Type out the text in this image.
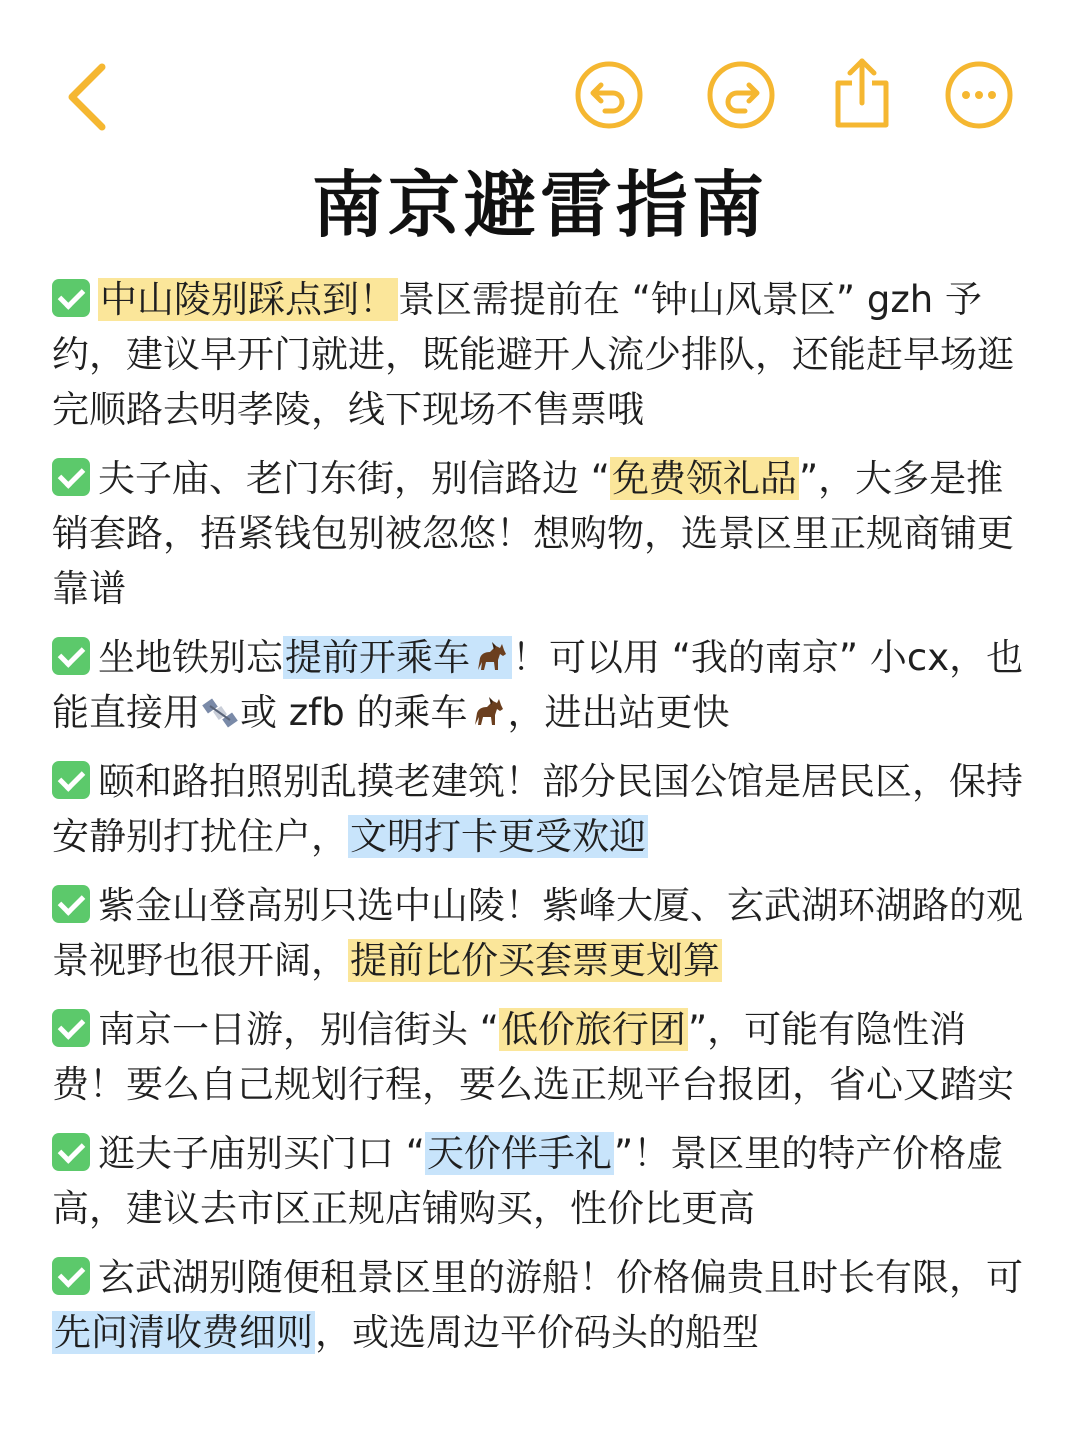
南京避雷指南
中山陵别踩点到！景区需提前在 “钟山风景区” gzh 予约，建议早开门就进，既能避开人流少排队，还能赶早场逛完顺路去明孝陵，线下现场不售票哦
夫子庙、老门东街，别信路边 “免费领礼品”，大多是推销套路，捂紧钱包别被忽悠！想购物，选景区里正规商铺更靠谱
坐地铁别忘提前开乘车 ！可以用 “我的南京” 小cx，也能直接用 或 zfb 的乘车 ，进出站更快
颐和路拍照别乱摸老建筑！部分民国公馆是居民区，保持安静别打扰住户，文明打卡更受欢迎
紫金山登高别只选中山陵！紫峰大厦、玄武湖环湖路的观景视野也很开阔，提前比价买套票更划算
南京一日游，别信街头 “低价旅行团”，可能有隐性消费！要么自己规划行程，要么选正规平台报团，省心又踏实
逛夫子庙别买门口 “天价伴手礼”！景区里的特产价格虚高，建议去市区正规店铺购买，性价比更高
玄武湖别随便租景区里的游船！价格偏贵且时长有限，可先问清收费细则，或选周边平价码头的船型
